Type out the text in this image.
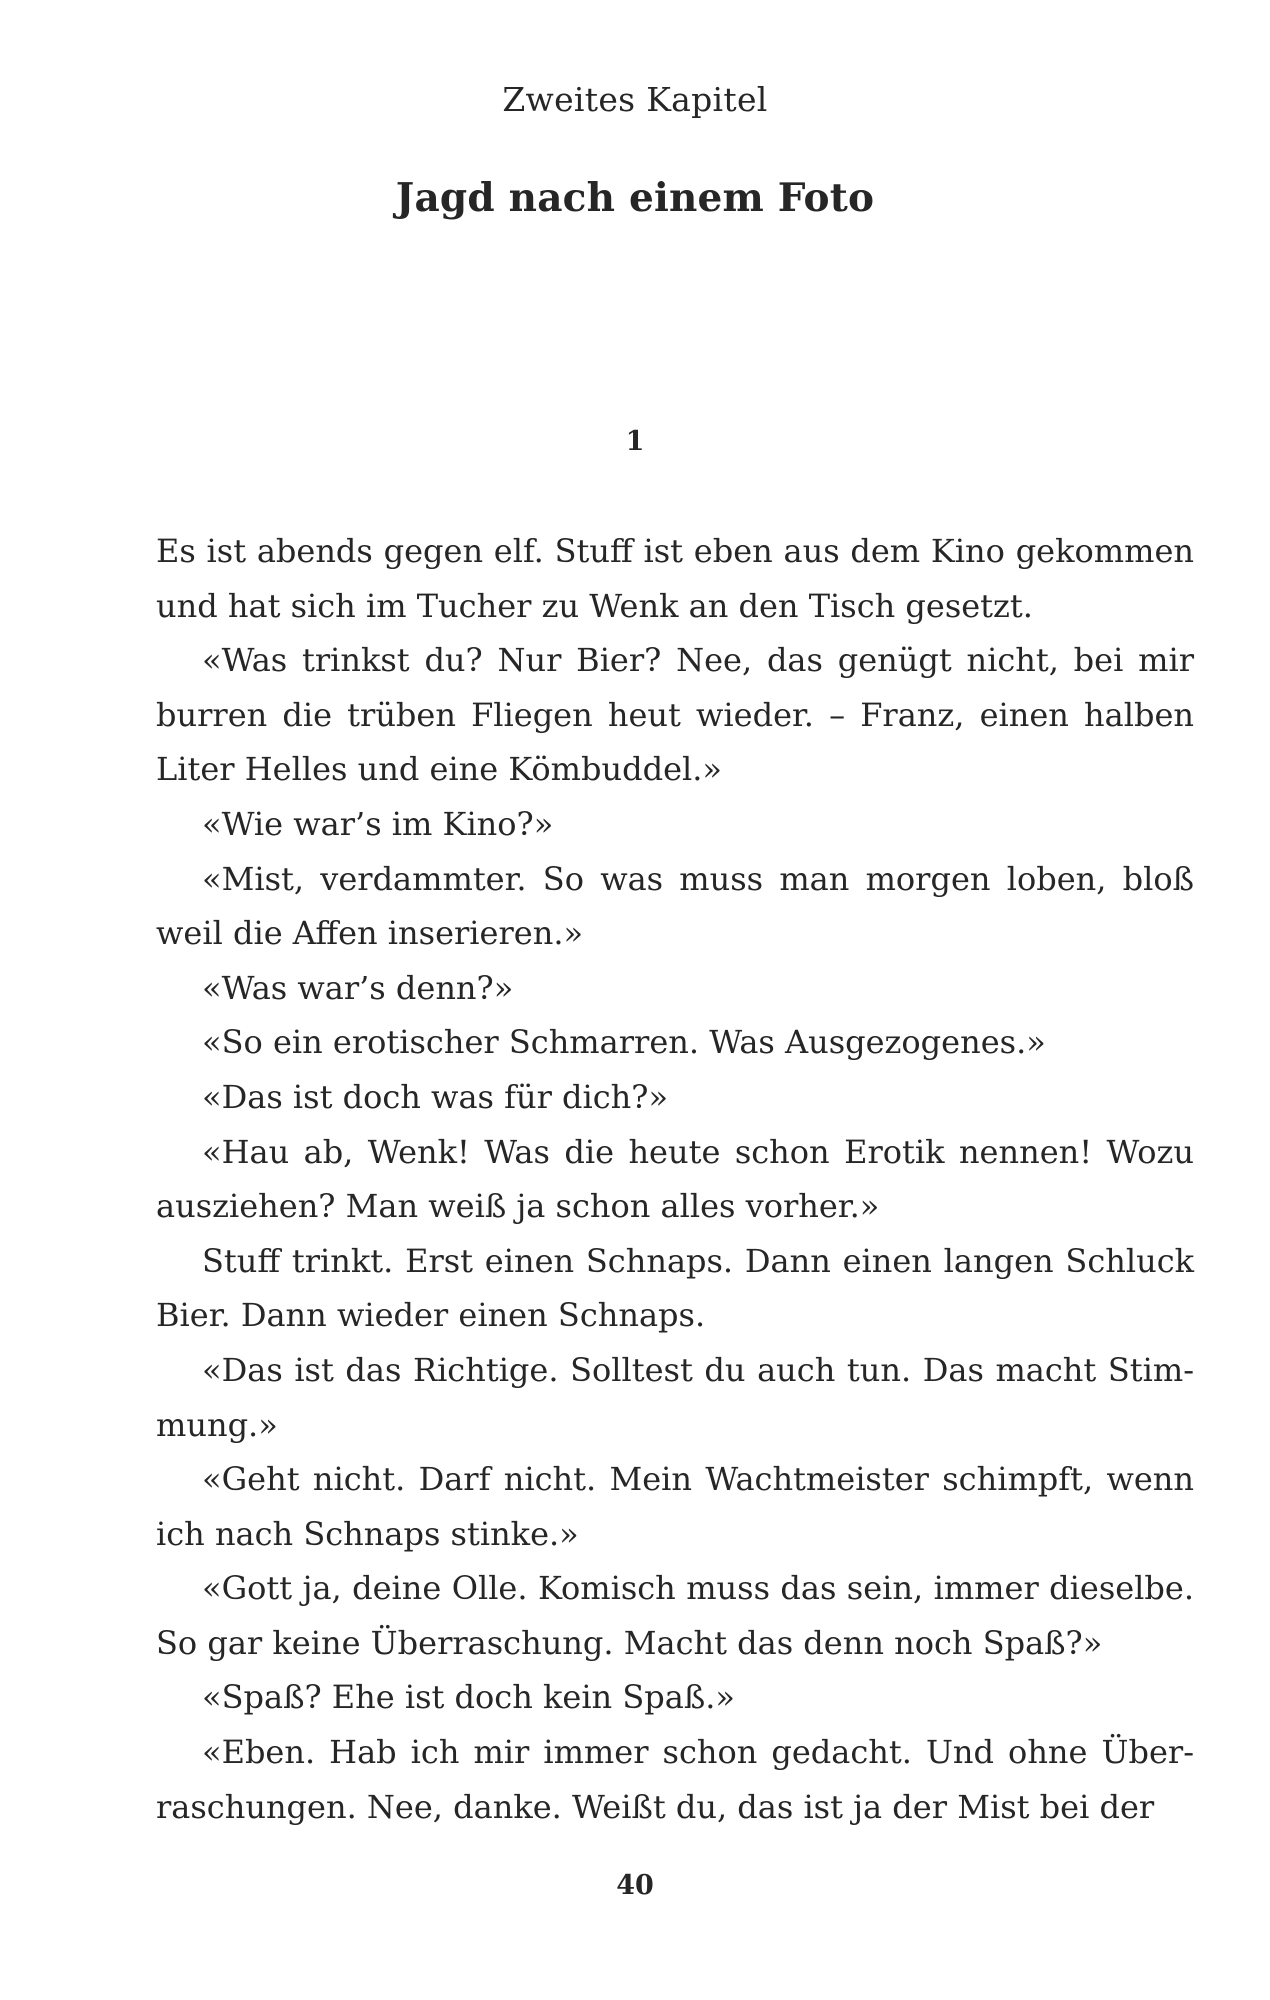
Zweites Kapitel
Jagd nach einem Foto
1

Es ist abends gegen elf. Stuff ist eben aus dem Kino gekommen und hat sich im Tucher zu Wenk an den Tisch gesetzt.

«Was trinkst du? Nur Bier? Nee, das genügt nicht, bei mir burren die trüben Fliegen heut wieder. – Franz, einen halben Liter Helles und eine Kömbuddel.»

«Wie war’s im Kino?»

«Mist, verdammter. So was muss man morgen loben, bloß weil die Affen inserieren.»

«Was war’s denn?»

«So ein erotischer Schmarren. Was Ausgezogenes.»

«Das ist doch was für dich?»

«Hau ab, Wenk! Was die heute schon Erotik nennen! Wozu ausziehen? Man weiß ja schon alles vorher.»

Stuff trinkt. Erst einen Schnaps. Dann einen langen Schluck Bier. Dann wieder einen Schnaps.

«Das ist das Richtige. Solltest du auch tun. Das macht Stimmung.»

«Geht nicht. Darf nicht. Mein Wachtmeister schimpft, wenn ich nach Schnaps stinke.»

«Gott ja, deine Olle. Komisch muss das sein, immer dieselbe. So gar keine Überraschung. Macht das denn noch Spaß?»

«Spaß? Ehe ist doch kein Spaß.»

«Eben. Hab ich mir immer schon gedacht. Und ohne Überraschungen. Nee, danke. Weißt du, das ist ja der Mist bei der

40
